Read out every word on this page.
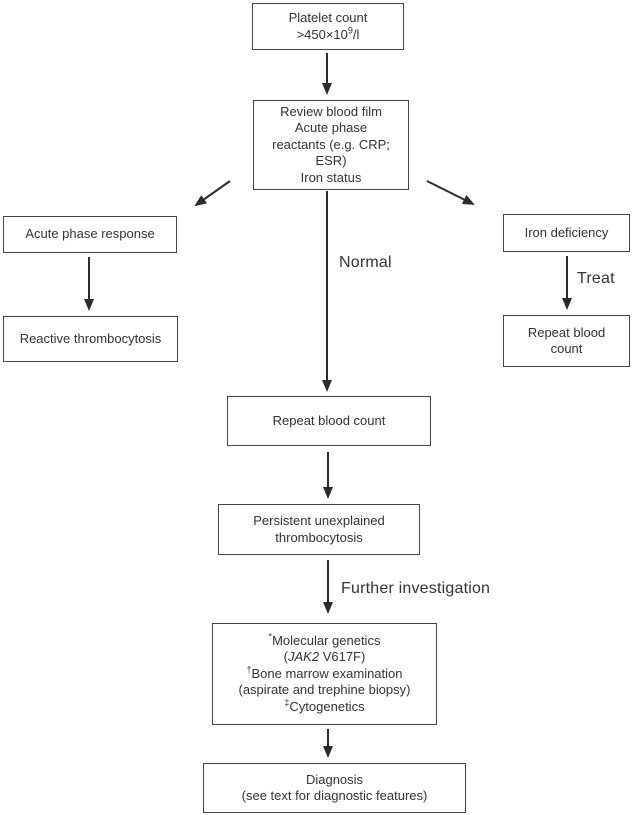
Platelet count
$>450\times 10^9/l$
Review blood film
Acute phase
reactants (e.g. CRP;
ESR)
Iron status
Acute phase response
Reactive thrombocytosis
Iron deficiency
Repeat blood
count
Repeat blood count
Persistent unexplained
thrombocytosis
*Molecular genetics
(JAK2 V617F)
†Bone marrow examination
(aspirate and trephine biopsy)
‡Cytogenetics
Diagnosis
(see text for diagnostic features)
Normal
Treat
Further investigation
